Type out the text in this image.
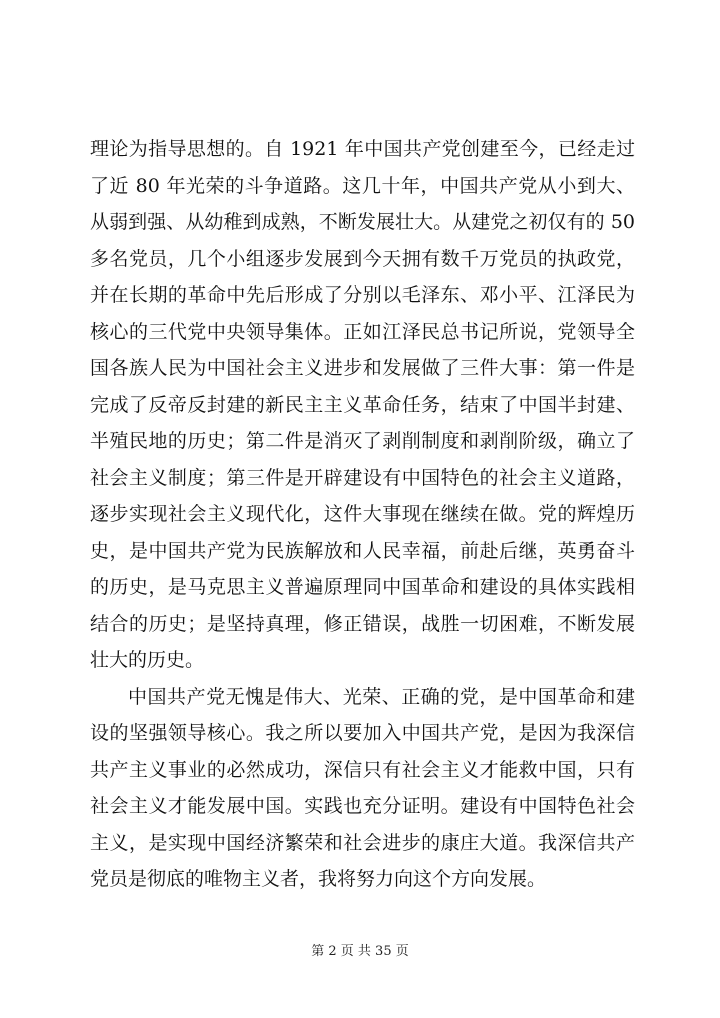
理论为指导思想的。自 1921 年中国共产党创建至今，已经走过
了近 80 年光荣的斗争道路。这几十年，中国共产党从小到大、
从弱到强、从幼稚到成熟，不断发展壮大。从建党之初仅有的 50
多名党员，几个小组逐步发展到今天拥有数千万党员的执政党，
并在长期的革命中先后形成了分别以毛泽东、邓小平、江泽民为
核心的三代党中央领导集体。正如江泽民总书记所说，党领导全
国各族人民为中国社会主义进步和发展做了三件大事：第一件是
完成了反帝反封建的新民主主义革命任务，结束了中国半封建、
半殖民地的历史；第二件是消灭了剥削制度和剥削阶级，确立了
社会主义制度；第三件是开辟建设有中国特色的社会主义道路，
逐步实现社会主义现代化，这件大事现在继续在做。党的辉煌历
史，是中国共产党为民族解放和人民幸福，前赴后继，英勇奋斗
的历史，是马克思主义普遍原理同中国革命和建设的具体实践相
结合的历史；是坚持真理，修正错误，战胜一切困难，不断发展
壮大的历史。
中国共产党无愧是伟大、光荣、正确的党，是中国革命和建
设的坚强领导核心。我之所以要加入中国共产党，是因为我深信
共产主义事业的必然成功，深信只有社会主义才能救中国，只有
社会主义才能发展中国。实践也充分证明。建设有中国特色社会
主义，是实现中国经济繁荣和社会进步的康庄大道。我深信共产
党员是彻底的唯物主义者，我将努力向这个方向发展。
第 2 页 共 35 页
